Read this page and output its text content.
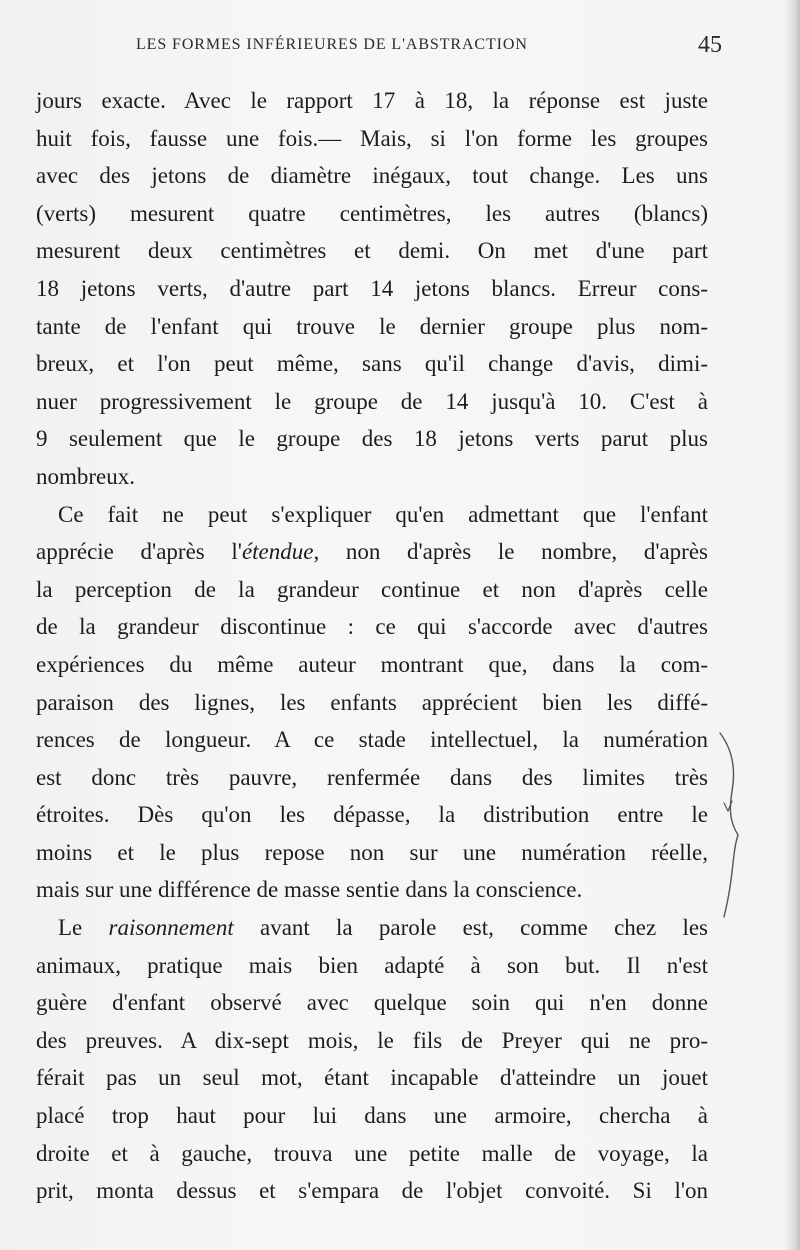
LES FORMES INFÉRIEURES DE L'ABSTRACTION	45
jours exacte. Avec le rapport 17 à 18, la réponse est juste
huit fois, fausse une fois.— Mais, si l'on forme les groupes
avec des jetons de diamètre inégaux, tout change. Les uns
(verts) mesurent quatre centimètres, les autres (blancs)
mesurent deux centimètres et demi. On met d'une part
18 jetons verts, d'autre part 14 jetons blancs. Erreur cons-
tante de l'enfant qui trouve le dernier groupe plus nom-
breux, et l'on peut même, sans qu'il change d'avis, dimi-
nuer progressivement le groupe de 14 jusqu'à 10. C'est à
9 seulement que le groupe des 18 jetons verts parut plus
nombreux.
Ce fait ne peut s'expliquer qu'en admettant que l'enfant
apprécie d'après l'étendue, non d'après le nombre, d'après
la perception de la grandeur continue et non d'après celle
de la grandeur discontinue : ce qui s'accorde avec d'autres
expériences du même auteur montrant que, dans la com-
paraison des lignes, les enfants apprécient bien les diffé-
rences de longueur. A ce stade intellectuel, la numération
est donc très pauvre, renfermée dans des limites très
étroites. Dès qu'on les dépasse, la distribution entre le
moins et le plus repose non sur une numération réelle,
mais sur une différence de masse sentie dans la conscience.
Le raisonnement avant la parole est, comme chez les
animaux, pratique mais bien adapté à son but. Il n'est
guère d'enfant observé avec quelque soin qui n'en donne
des preuves. A dix-sept mois, le fils de Preyer qui ne pro-
férait pas un seul mot, étant incapable d'atteindre un jouet
placé trop haut pour lui dans une armoire, chercha à
droite et à gauche, trouva une petite malle de voyage, la
prit, monta dessus et s'empara de l'objet convoité. Si l'on
